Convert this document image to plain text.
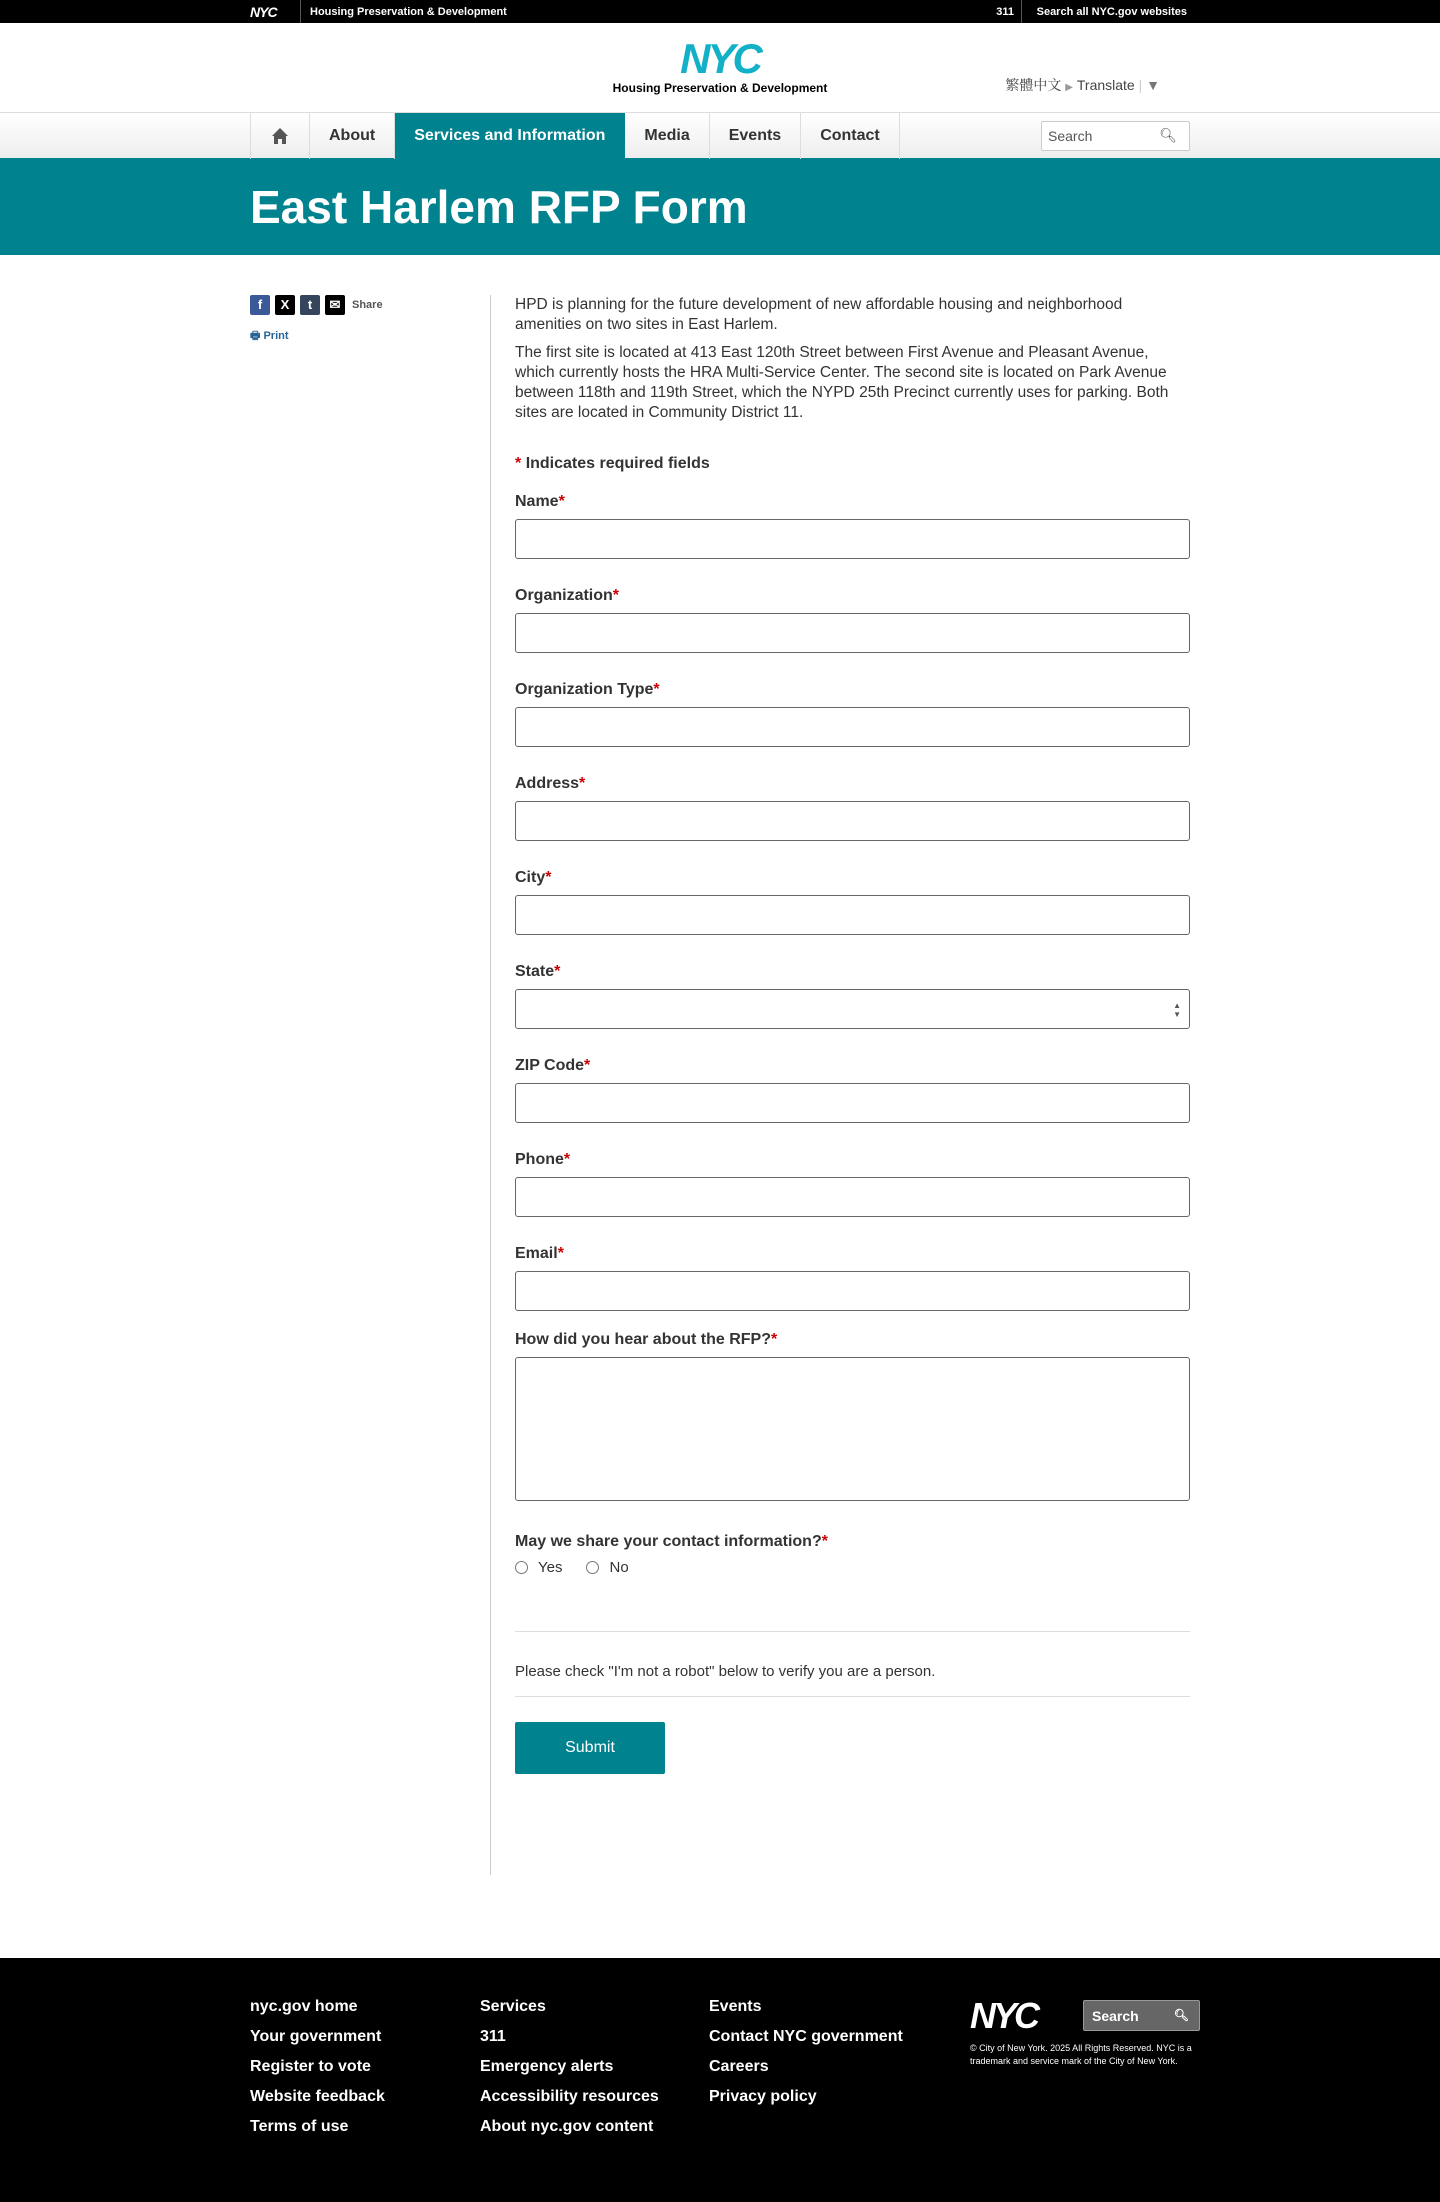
NYC	Housing Preservation & Development	311 Search all NYC.gov websites
NYC
Housing Preservation & Development	繁體中文 ▶ Translate | ▼
About	Services and Information	Media	Events	Contact	Search	🔍︎
East Harlem RFP Form
f	X	t	✉	Share
🖶︎ Print

HPD is planning for the future development of new affordable housing and neighborhood amenities on two sites in East Harlem.

The first site is located at 413 East 120th Street between First Avenue and Pleasant Avenue, which currently hosts the HRA Multi-Service Center. The second site is located on Park Avenue between 118th and 119th Street, which the NYPD 25th Precinct currently uses for parking. Both sites are located in Community District 11.

* Indicates required fields
Name*
Organization*
Organization Type*
Address*
City*
State*
▲
▼
ZIP Code*
Phone*
Email*
How did you hear about the RFP?*
May we share your contact information?*
Yes	No

Please check "I'm not a robot" below to verify you are a person.

Submit
nyc.gov home
Your government
Register to vote
Website feedback
Terms of use
Services
311
Emergency alerts
Accessibility resources
About nyc.gov content
Events
Contact NYC government
Careers
Privacy policy
NYC	Search	🔍︎
© City of New York. 2025 All Rights Reserved. NYC is a trademark and service mark of the City of New York.
